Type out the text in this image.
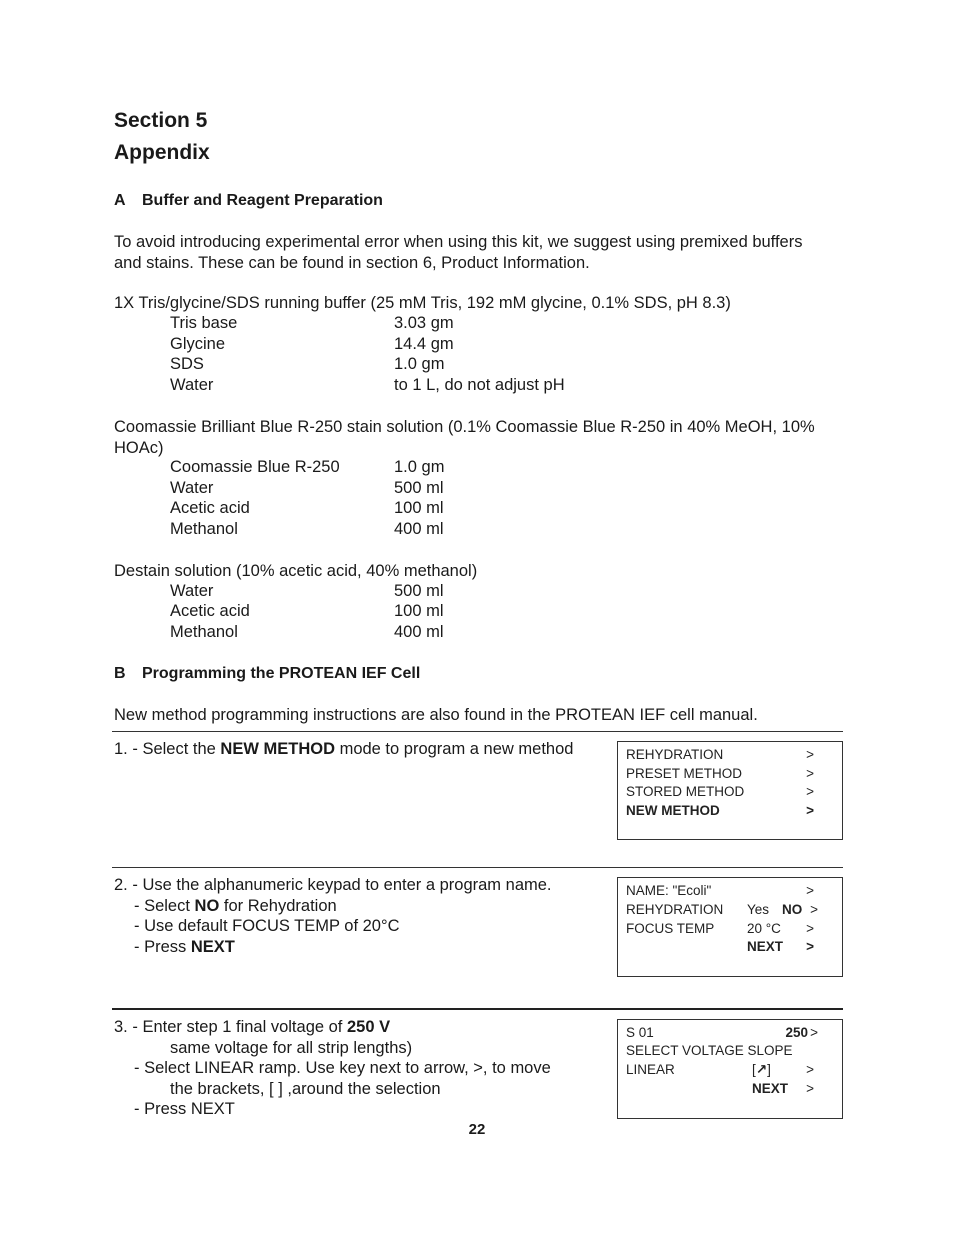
Section 5
Appendix
A Buffer and Reagent Preparation
To avoid introducing experimental error when using this kit, we suggest using premixed buffers and stains. These can be found in section 6, Product Information.
1X Tris/glycine/SDS running buffer (25 mM Tris, 192 mM glycine, 0.1% SDS, pH 8.3)
Tris base	3.03 gm
Glycine	14.4 gm
SDS	1.0 gm
Water	to 1 L, do not adjust pH
Coomassie Brilliant Blue R-250 stain solution (0.1% Coomassie Blue R-250 in 40% MeOH, 10% HOAc)
Coomassie Blue R-250	1.0 gm
Water	500 ml
Acetic acid	100 ml
Methanol	400 ml
Destain solution (10% acetic acid, 40% methanol)
Water	500 ml
Acetic acid	100 ml
Methanol	400 ml
B Programming the PROTEAN IEF Cell
New method programming instructions are also found in the PROTEAN IEF cell manual.
1. - Select the NEW METHOD mode to program a new method	REHYDRATION	>
PRESET METHOD	>
STORED METHOD	>
NEW METHOD	>
2. - Use the alphanumeric keypad to enter a program name.
- Select NO for Rehydration
- Use default FOCUS TEMP of 20°C
- Press NEXT
NAME: "Ecoli"	>
REHYDRATION Yes NO >
FOCUS TEMP 20 °C >
NEXT >
3. - Enter step 1 final voltage of 250 V
same voltage for all strip lengths)
- Select LINEAR ramp. Use key next to arrow, >, to move
the brackets, [ ] ,around the selection
- Press NEXT
S 01	250 >
SELECT VOLTAGE SLOPE
LINEAR	[↗]	>
NEXT >
22
